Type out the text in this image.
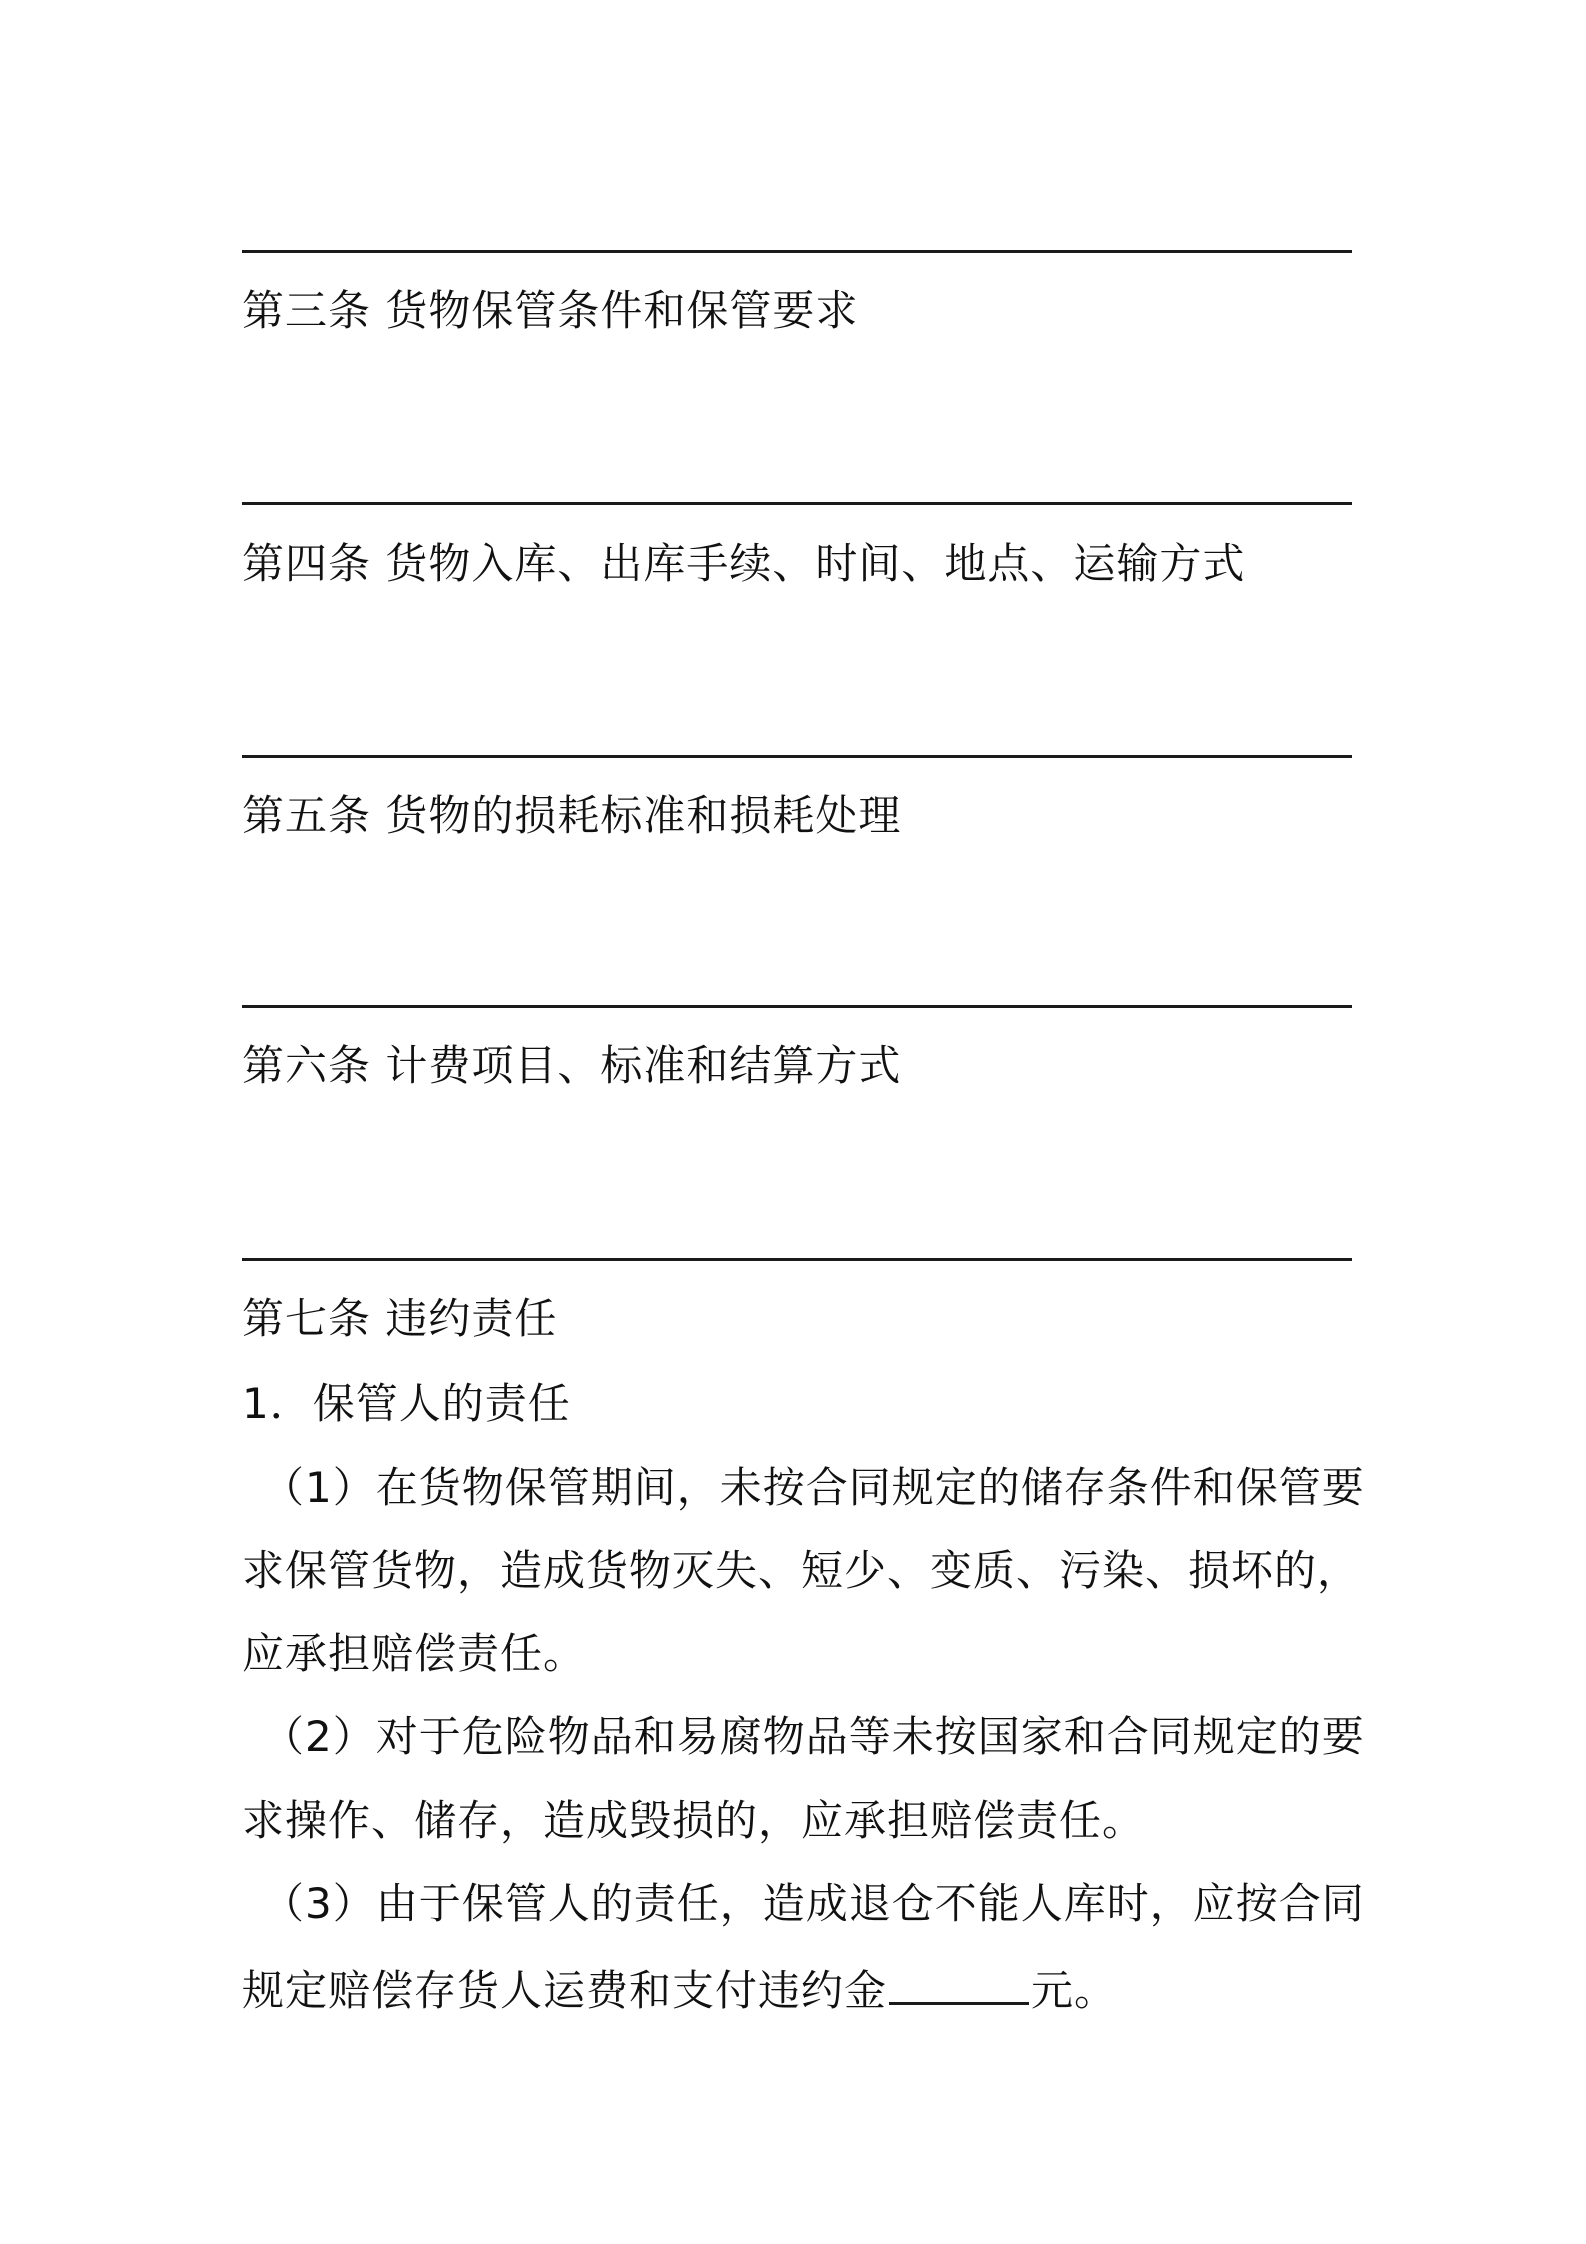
第三条 货物保管条件和保管要求
第四条 货物入库、出库手续、时间、地点、运输方式
第五条 货物的损耗标准和损耗处理
第六条 计费项目、标准和结算方式
第七条 违约责任
1．保管人的责任
（1）在货物保管期间，未按合同规定的储存条件和保管要
求保管货物，造成货物灭失、短少、变质、污染、损坏的，
应承担赔偿责任。
（2）对于危险物品和易腐物品等未按国家和合同规定的要
求操作、储存，造成毁损的，应承担赔偿责任。
（3）由于保管人的责任，造成退仓不能人库时，应按合同
规定赔偿存货人运费和支付违约金	元。
